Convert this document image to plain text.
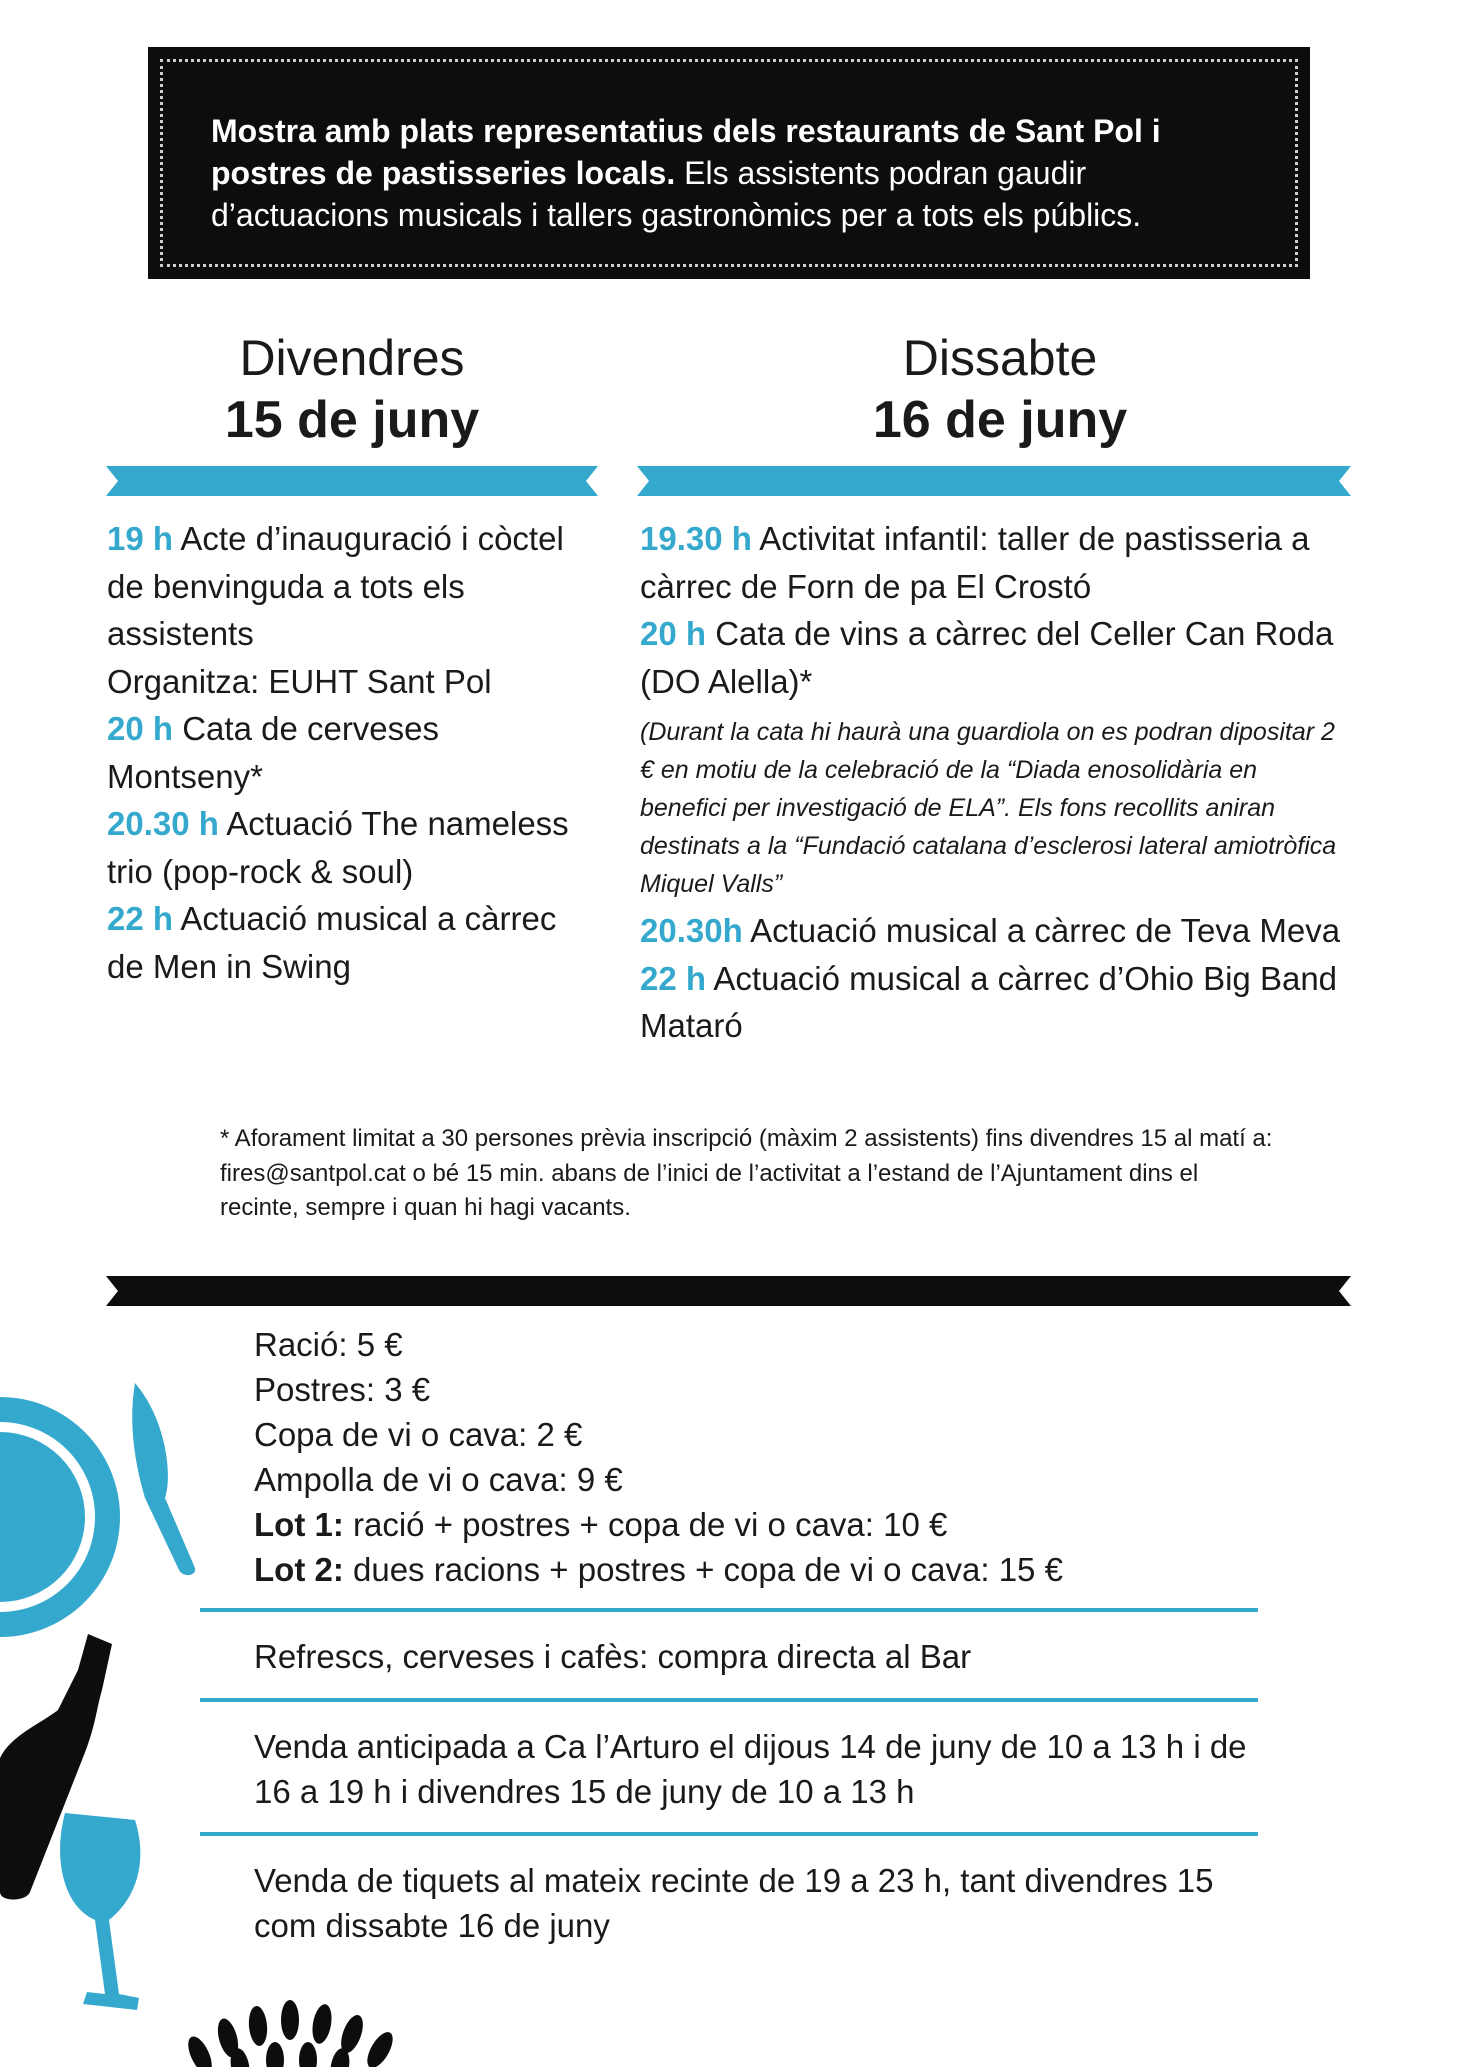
Mostra amb plats representatius dels restaurants de Sant Pol i postres de pastisseries locals. Els assistents podran gaudir d’actuacions musicals i tallers gastronòmics per a tots els públics.
Divendres
15 de juny
Dissabte
16 de juny

19 h Acte d’inauguració i còctel de benvinguda a tots els assistents

Organitza: EUHT Sant Pol

20 h Cata de cerveses Montseny*

20.30 h Actuació The nameless trio (pop-rock & soul)

22 h Actuació musical a càrrec de Men in Swing

19.30 h Activitat infantil: taller de pastisseria a càrrec de Forn de pa El Crostó

20 h Cata de vins a càrrec del Celler Can Roda (DO Alella)*

(Durant la cata hi haurà una guardiola on es podran dipositar 2 € en motiu de la celebració de la “Diada enosolidària en benefici per investigació de ELA”. Els fons recollits aniran destinats a la “Fundació catalana d’esclerosi lateral amiotròfica Miquel Valls”

20.30h Actuació musical a càrrec de Teva Meva

22 h Actuació musical a càrrec d’Ohio Big Band Mataró

* Aforament limitat a 30 persones prèvia inscripció (màxim 2 assistents) fins divendres 15 al matí a: fires@santpol.cat o bé 15 min. abans de l’inici de l’activitat a l’estand de l’Ajuntament dins el recinte, sempre i quan hi hagi vacants.

Ració: 5 €

Postres: 3 €

Copa de vi o cava: 2 €

Ampolla de vi o cava: 9 €

Lot 1: ració + postres + copa de vi o cava: 10 €

Lot 2: dues racions + postres + copa de vi o cava: 15 €

Refrescs, cerveses i cafès: compra directa al Bar

Venda anticipada a Ca l’Arturo el dijous 14 de juny de 10 a 13 h i de 16 a 19 h i divendres 15 de juny de 10 a 13 h

Venda de tiquets al mateix recinte de 19 a 23 h, tant divendres 15 com dissabte 16 de juny
